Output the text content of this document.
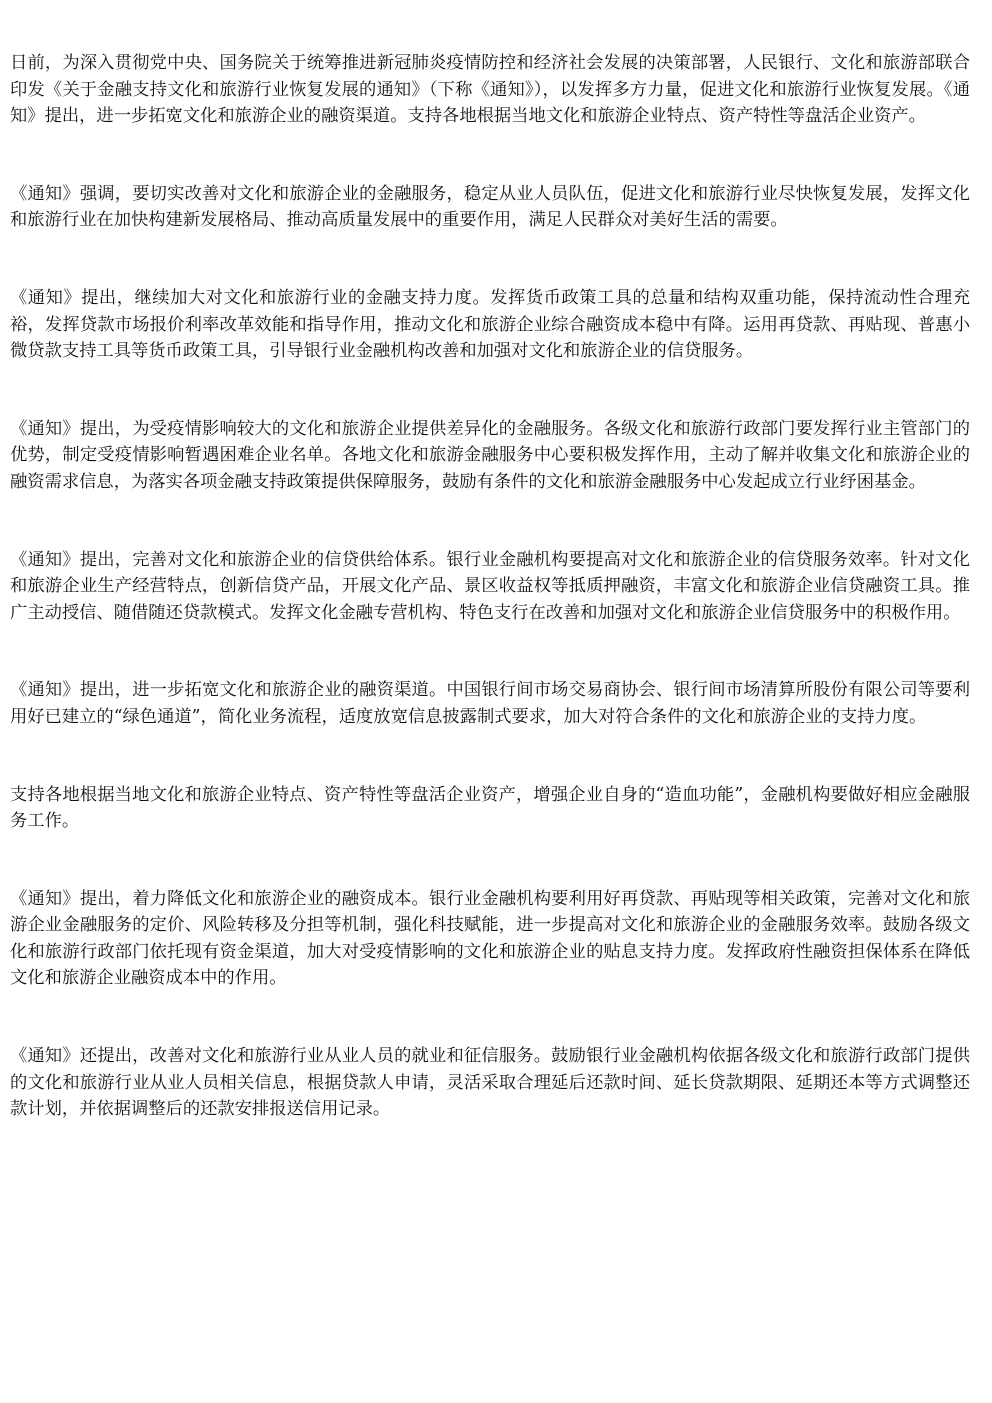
日前，为深入贯彻党中央、国务院关于统筹推进新冠肺炎疫情防控和经济社会发展的决策部署，人民银行、文化和旅游部联合印发《关于金融支持文化和旅游行业恢复发展的通知》（下称《通知》），以发挥多方力量，促进文化和旅游行业恢复发展。《通知》提出，进一步拓宽文化和旅游企业的融资渠道。支持各地根据当地文化和旅游企业特点、资产特性等盘活企业资产。

《通知》强调，要切实改善对文化和旅游企业的金融服务，稳定从业人员队伍，促进文化和旅游行业尽快恢复发展，发挥文化和旅游行业在加快构建新发展格局、推动高质量发展中的重要作用，满足人民群众对美好生活的需要。

《通知》提出，继续加大对文化和旅游行业的金融支持力度。发挥货币政策工具的总量和结构双重功能，保持流动性合理充裕，发挥贷款市场报价利率改革效能和指导作用，推动文化和旅游企业综合融资成本稳中有降。运用再贷款、再贴现、普惠小微贷款支持工具等货币政策工具，引导银行业金融机构改善和加强对文化和旅游企业的信贷服务。

《通知》提出，为受疫情影响较大的文化和旅游企业提供差异化的金融服务。各级文化和旅游行政部门要发挥行业主管部门的优势，制定受疫情影响暂遇困难企业名单。各地文化和旅游金融服务中心要积极发挥作用，主动了解并收集文化和旅游企业的融资需求信息，为落实各项金融支持政策提供保障服务，鼓励有条件的文化和旅游金融服务中心发起成立行业纾困基金。

《通知》提出，完善对文化和旅游企业的信贷供给体系。银行业金融机构要提高对文化和旅游企业的信贷服务效率。针对文化和旅游企业生产经营特点，创新信贷产品，开展文化产品、景区收益权等抵质押融资，丰富文化和旅游企业信贷融资工具。推广主动授信、随借随还贷款模式。发挥文化金融专营机构、特色支行在改善和加强对文化和旅游企业信贷服务中的积极作用。

《通知》提出，进一步拓宽文化和旅游企业的融资渠道。中国银行间市场交易商协会、银行间市场清算所股份有限公司等要利用好已建立的“绿色通道”，简化业务流程，适度放宽信息披露制式要求，加大对符合条件的文化和旅游企业的支持力度。

支持各地根据当地文化和旅游企业特点、资产特性等盘活企业资产，增强企业自身的“造血功能”，金融机构要做好相应金融服务工作。

《通知》提出，着力降低文化和旅游企业的融资成本。银行业金融机构要利用好再贷款、再贴现等相关政策，完善对文化和旅游企业金融服务的定价、风险转移及分担等机制，强化科技赋能，进一步提高对文化和旅游企业的金融服务效率。鼓励各级文化和旅游行政部门依托现有资金渠道，加大对受疫情影响的文化和旅游企业的贴息支持力度。发挥政府性融资担保体系在降低文化和旅游企业融资成本中的作用。

《通知》还提出，改善对文化和旅游行业从业人员的就业和征信服务。鼓励银行业金融机构依据各级文化和旅游行政部门提供的文化和旅游行业从业人员相关信息，根据贷款人申请，灵活采取合理延后还款时间、延长贷款期限、延期还本等方式调整还款计划，并依据调整后的还款安排报送信用记录。
